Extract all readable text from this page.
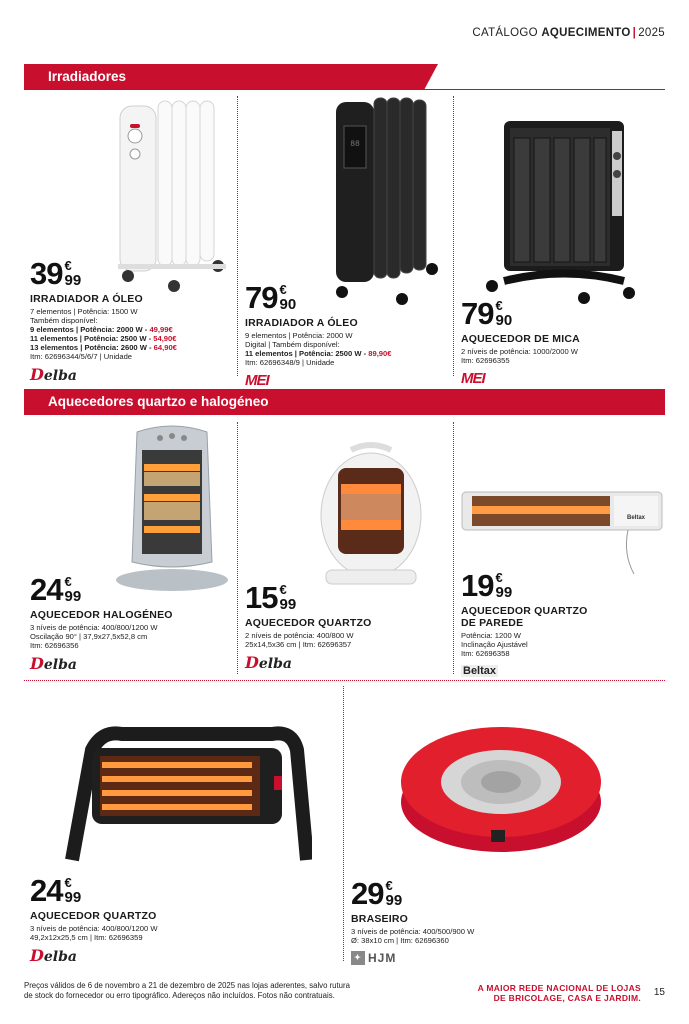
CATÁLOGO AQUECIMENTO | 2025
Irradiadores
Aquecedores quartzo e halogéneo
88
Beltax
39 €
99
IRRADIADOR A ÓLEO
7 elementos | Potência: 1500 W
Também disponível:
9 elementos | Potência: 2000 W - 49,99€
11 elementos | Potência: 2500 W - 54,90€
13 elementos | Potência: 2600 W - 64,90€
Itm: 62696344/5/6/7 | Unidade
Delba
79 €
90
IRRADIADOR A ÓLEO
9 elementos | Potência: 2000 W
Digital | Também disponível:
11 elementos | Potência: 2500 W - 89,90€
Itm: 62696348/9 | Unidade
MEI
79 €
90
AQUECEDOR DE MICA
2 níveis de potência: 1000/2000 W
Itm: 62696355
MEI
24 €
99
AQUECEDOR HALOGÉNEO
3 níveis de potência: 400/800/1200 W
Oscilação 90° | 37,9x27,5x52,8 cm
Itm: 62696356
Delba
15 €
99
AQUECEDOR QUARTZO
2 níveis de potência: 400/800 W
25x14,5x36 cm | Itm: 62696357
Delba
19 €
99
AQUECEDOR QUARTZO
DE PAREDE
Potência: 1200 W
Inclinação Ajustável
Itm: 62696358
Beltax
24 €
99
AQUECEDOR QUARTZO
3 níveis de potência: 400/800/1200 W
49,2x12x25,5 cm | Itm: 62696359
Delba
29 €
99
BRASEIRO
3 níveis de potência: 400/500/900 W
Ø: 38x10 cm | Itm: 62696360
✦ HJM
Preços válidos de 6 de novembro a 21 de dezembro de 2025 nas lojas aderentes, salvo rutura
de stock do fornecedor ou erro tipográfico. Adereços não incluídos. Fotos não contratuais.
A MAIOR REDE NACIONAL DE LOJAS
DE BRICOLAGE, CASA E JARDIM. 15
